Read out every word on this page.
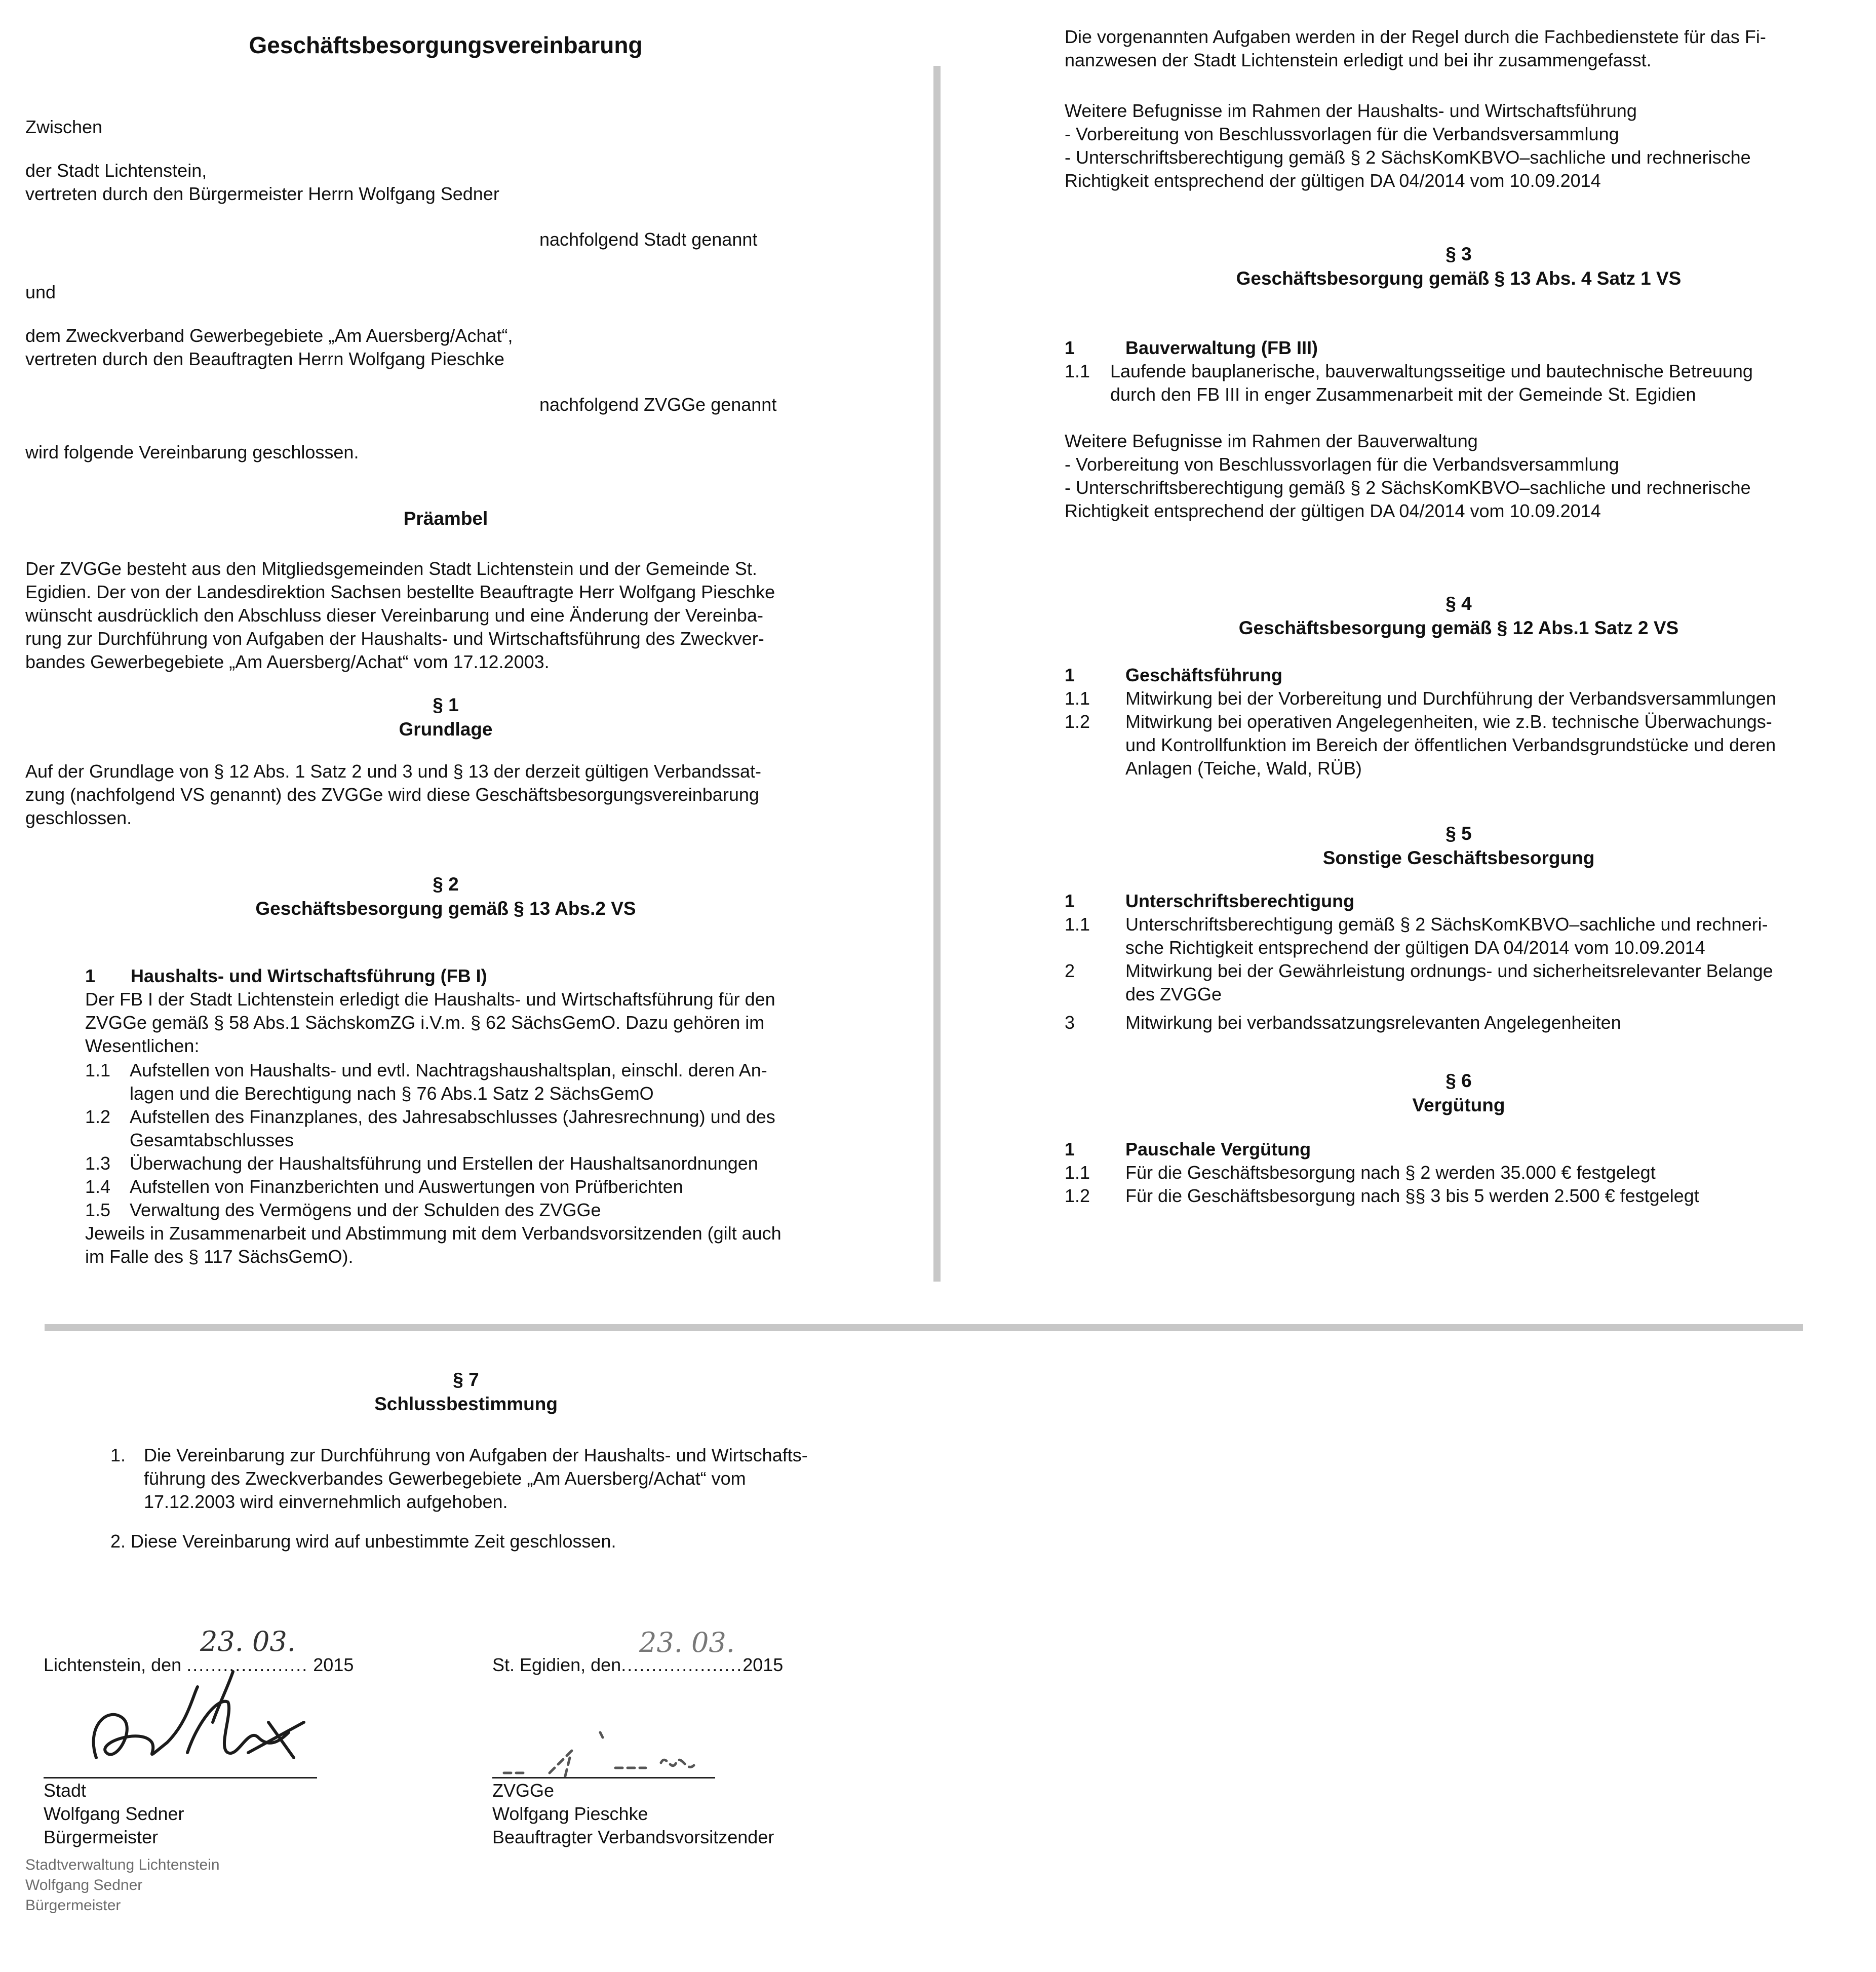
Geschäftsbesorgungsvereinbarung
Zwischen
der Stadt Lichtenstein,
vertreten durch den Bürgermeister Herrn Wolfgang Sedner
nachfolgend Stadt genannt
und
dem Zweckverband Gewerbegebiete „Am Auersberg/Achat“,
vertreten durch den Beauftragten Herrn Wolfgang Pieschke
nachfolgend ZVGGe genannt
wird folgende Vereinbarung geschlossen.
Präambel
Der ZVGGe besteht aus den Mitgliedsgemeinden Stadt Lichtenstein und der Gemeinde St.
Egidien. Der von der Landesdirektion Sachsen bestellte Beauftragte Herr Wolfgang Pieschke
wünscht ausdrücklich den Abschluss dieser Vereinbarung und eine Änderung der Vereinba-
rung zur Durchführung von Aufgaben der Haushalts- und Wirtschaftsführung des Zweckver-
bandes Gewerbegebiete „Am Auersberg/Achat“ vom 17.12.2003.
§ 1
Grundlage
Auf der Grundlage von § 12 Abs. 1 Satz 2 und 3 und § 13 der derzeit gültigen Verbandssat-
zung (nachfolgend VS genannt) des ZVGGe wird diese Geschäftsbesorgungsvereinbarung
geschlossen.
§ 2
Geschäftsbesorgung gemäß § 13 Abs.2 VS
1 Haushalts- und Wirtschaftsführung (FB I)
Der FB I der Stadt Lichtenstein erledigt die Haushalts- und Wirtschaftsführung für den
ZVGGe gemäß § 58 Abs.1 SächskomZG i.V.m. § 62 SächsGemO. Dazu gehören im
Wesentlichen:
1.1 Aufstellen von Haushalts- und evtl. Nachtragshaushaltsplan, einschl. deren An-
lagen und die Berechtigung nach § 76 Abs.1 Satz 2 SächsGemO
1.2 Aufstellen des Finanzplanes, des Jahresabschlusses (Jahresrechnung) und des
Gesamtabschlusses
1.3 Überwachung der Haushaltsführung und Erstellen der Haushaltsanordnungen
1.4 Aufstellen von Finanzberichten und Auswertungen von Prüfberichten
1.5 Verwaltung des Vermögens und der Schulden des ZVGGe
Jeweils in Zusammenarbeit und Abstimmung mit dem Verbandsvorsitzenden (gilt auch
im Falle des § 117 SächsGemO).
Die vorgenannten Aufgaben werden in der Regel durch die Fachbedienstete für das Fi-
nanzwesen der Stadt Lichtenstein erledigt und bei ihr zusammengefasst.
Weitere Befugnisse im Rahmen der Haushalts- und Wirtschaftsführung
- Vorbereitung von Beschlussvorlagen für die Verbandsversammlung
- Unterschriftsberechtigung gemäß § 2 SächsKomKBVO–sachliche und rechnerische
Richtigkeit entsprechend der gültigen DA 04/2014 vom 10.09.2014
§ 3
Geschäftsbesorgung gemäß § 13 Abs. 4 Satz 1 VS
1	Bauverwaltung (FB III)
1.1 Laufende bauplanerische, bauverwaltungsseitige und bautechnische Betreuung
durch den FB III in enger Zusammenarbeit mit der Gemeinde St. Egidien
Weitere Befugnisse im Rahmen der Bauverwaltung
- Vorbereitung von Beschlussvorlagen für die Verbandsversammlung
- Unterschriftsberechtigung gemäß § 2 SächsKomKBVO–sachliche und rechnerische
Richtigkeit entsprechend der gültigen DA 04/2014 vom 10.09.2014
§ 4
Geschäftsbesorgung gemäß § 12 Abs.1 Satz 2 VS
1	Geschäftsführung
1.1 Mitwirkung bei der Vorbereitung und Durchführung der Verbandsversammlungen
1.2 Mitwirkung bei operativen Angelegenheiten, wie z.B. technische Überwachungs-
und Kontrollfunktion im Bereich der öffentlichen Verbandsgrundstücke und deren
Anlagen (Teiche, Wald, RÜB)
§ 5
Sonstige Geschäftsbesorgung
1	Unterschriftsberechtigung
1.1 Unterschriftsberechtigung gemäß § 2 SächsKomKBVO–sachliche und rechneri-
sche Richtigkeit entsprechend der gültigen DA 04/2014 vom 10.09.2014
2	Mitwirkung bei der Gewährleistung ordnungs- und sicherheitsrelevanter Belange
des ZVGGe
3	Mitwirkung bei verbandssatzungsrelevanten Angelegenheiten
§ 6
Vergütung
1	Pauschale Vergütung
1.1 Für die Geschäftsbesorgung nach § 2 werden 35.000 € festgelegt
1.2 Für die Geschäftsbesorgung nach §§ 3 bis 5 werden 2.500 € festgelegt
§ 7
Schlussbestimmung
1. Die Vereinbarung zur Durchführung von Aufgaben der Haushalts- und Wirtschafts-
führung des Zweckverbandes Gewerbegebiete „Am Auersberg/Achat“ vom
17.12.2003 wird einvernehmlich aufgehoben.
2. Diese Vereinbarung wird auf unbestimmte Zeit geschlossen.
Lichtenstein, den .................... 2015
23. 03.
Stadt
Wolfgang Sedner
Bürgermeister
Stadtverwaltung Lichtenstein
Wolfgang Sedner
Bürgermeister
St. Egidien, den....................2015
23. 03.
ZVGGe
Wolfgang Pieschke
Beauftragter Verbandsvorsitzender
